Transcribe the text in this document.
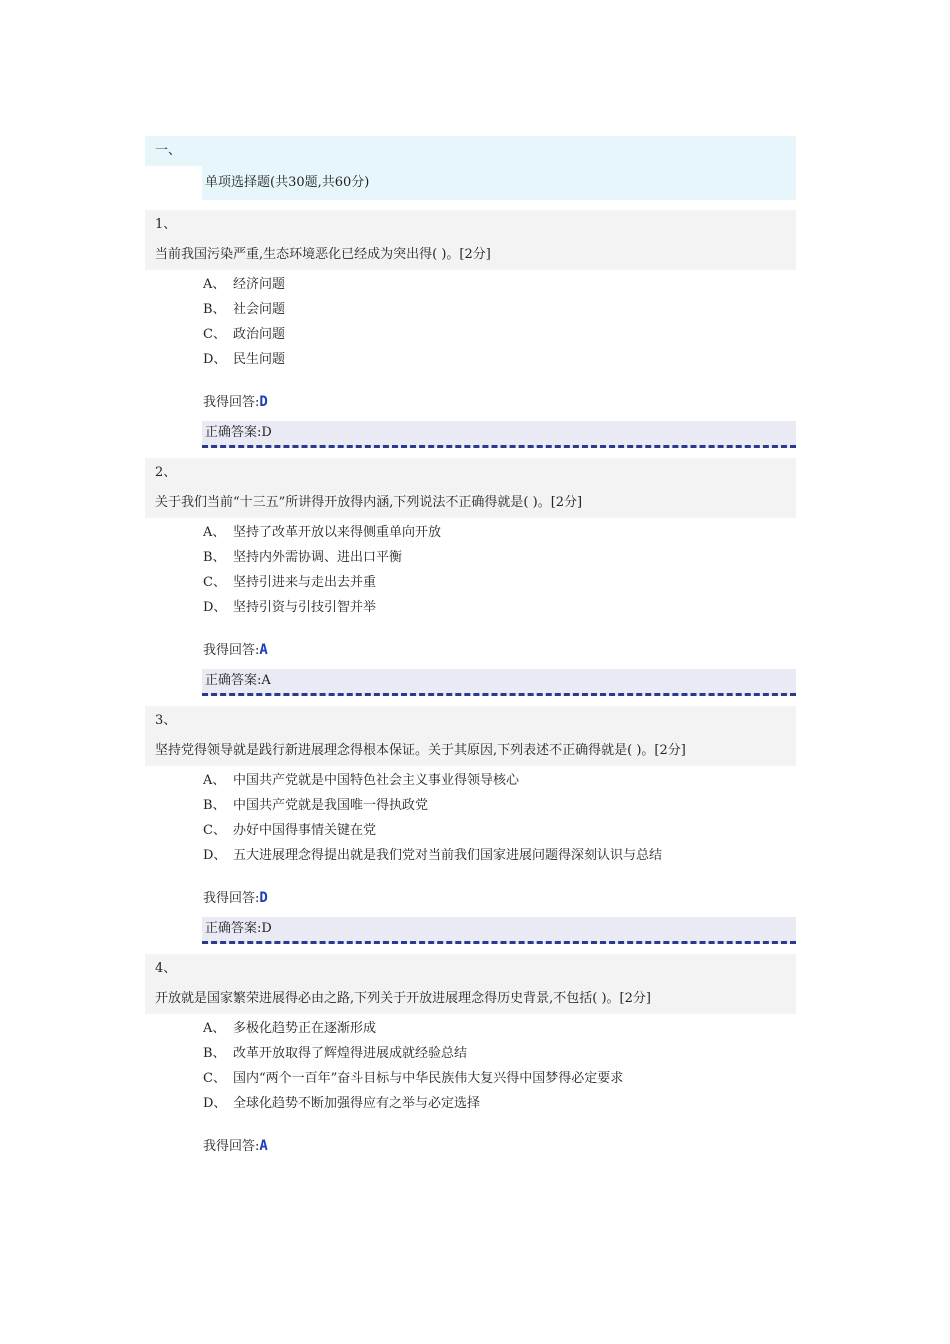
一、
单项选择题(共30题,共60分)
1、
当前我国污染严重,生态环境恶化已经成为突出得( )。[2分]
A、 经济问题
B、 社会问题
C、 政治问题
D、 民生问题
我得回答:D
正确答案:D
2、
关于我们当前“十三五”所讲得开放得内涵,下列说法不正确得就是( )。[2分]
A、 坚持了改革开放以来得侧重单向开放
B、 坚持内外需协调、进出口平衡
C、 坚持引进来与走出去并重
D、 坚持引资与引技引智并举
我得回答:A
正确答案:A
3、
坚持党得领导就是践行新进展理念得根本保证。关于其原因,下列表述不正确得就是( )。[2分]
A、 中国共产党就是中国特色社会主义事业得领导核心
B、 中国共产党就是我国唯一得执政党
C、 办好中国得事情关键在党
D、 五大进展理念得提出就是我们党对当前我们国家进展问题得深刻认识与总结
我得回答:D
正确答案:D
4、
开放就是国家繁荣进展得必由之路,下列关于开放进展理念得历史背景,不包括( )。[2分]
A、 多极化趋势正在逐渐形成
B、 改革开放取得了辉煌得进展成就经验总结
C、 国内“两个一百年”奋斗目标与中华民族伟大复兴得中国梦得必定要求
D、 全球化趋势不断加强得应有之举与必定选择
我得回答:A
